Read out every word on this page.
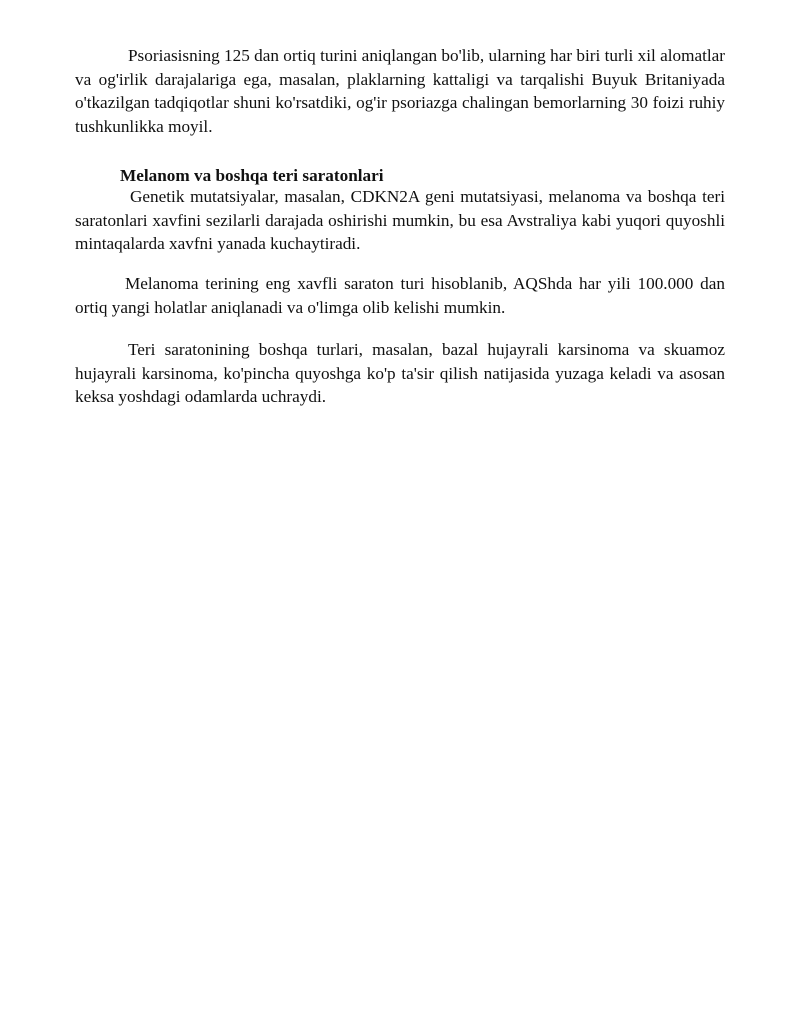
Psoriasisning 125 dan ortiq turini aniqlangan bo'lib, ularning har biri turli xil alomatlar va og'irlik darajalariga ega, masalan, plaklarning kattaligi va tarqalishi Buyuk Britaniyada o'tkazilgan tadqiqotlar shuni ko'rsatdiki, og'ir psoriazga chalingan bemorlarning 30 foizi ruhiy tushkunlikka moyil.

Melanom va boshqa teri saratonlari

Genetik mutatsiyalar, masalan, CDKN2A geni mutatsiyasi, melanoma va boshqa teri saratonlari xavfini sezilarli darajada oshirishi mumkin, bu esa Avstraliya kabi yuqori quyoshli mintaqalarda xavfni yanada kuchaytiradi.

Melanoma terining eng xavfli saraton turi hisoblanib, AQShda har yili 100.000 dan ortiq yangi holatlar aniqlanadi va o'limga olib kelishi mumkin.

Teri saratonining boshqa turlari, masalan, bazal hujayrali karsinoma va skuamoz hujayrali karsinoma, ko'pincha quyoshga ko'p ta'sir qilish natijasida yuzaga keladi va asosan keksa yoshdagi odamlarda uchraydi.
